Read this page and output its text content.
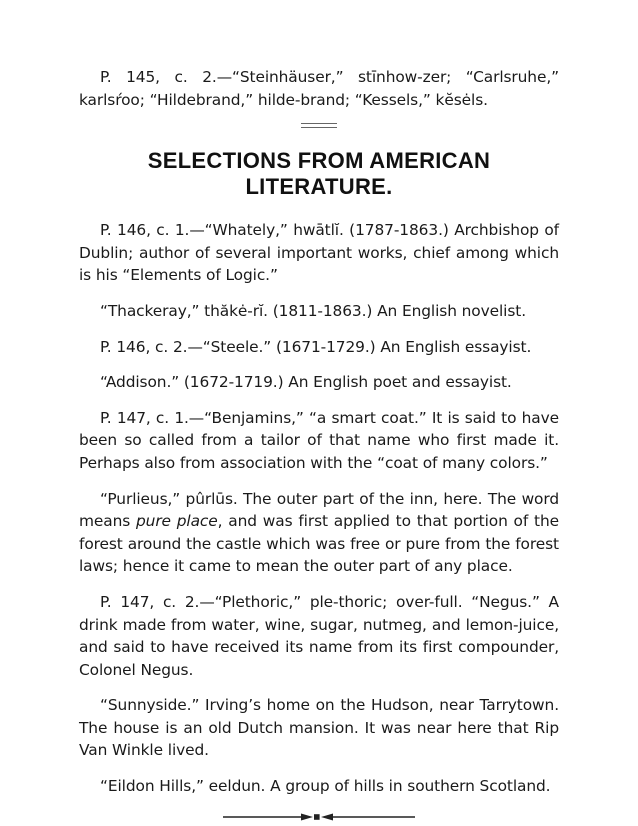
P. 145, c. 2.—“Steinhäuser,” stīnhow-zer; “Carlsruhe,” karlsŕoo; “Hildebrand,” hilde-brand; “Kessels,” kĕsėls.

SELECTIONS FROM AMERICAN LITERATURE.

P. 146, c. 1.—“Whately,” hwātlĭ. (1787-1863.) Archbishop of Dublin; author of several important works, chief among which is his “Elements of Logic.”

“Thackeray,” thăkė-rĭ. (1811-1863.) An English novelist.

P. 146, c. 2.—“Steele.” (1671-1729.) An English essayist.

“Addison.” (1672-1719.) An English poet and essayist.

P. 147, c. 1.—“Benjamins,” “a smart coat.” It is said to have been so called from a tailor of that name who first made it. Perhaps also from association with the “coat of many colors.”

“Purlieus,” pûrlūs. The outer part of the inn, here. The word means pure place, and was first applied to that portion of the forest around the castle which was free or pure from the forest laws; hence it came to mean the outer part of any place.

P. 147, c. 2.—“Plethoric,” ple-thoric; over-full. “Negus.” A drink made from water, wine, sugar, nutmeg, and lemon-juice, and said to have received its name from its first compounder, Colonel Negus.

“Sunnyside.” Irving’s home on the Hudson, near Tarrytown. The house is an old Dutch mansion. It was near here that Rip Van Winkle lived.

“Eildon Hills,” eeldun. A group of hills in southern Scotland.
